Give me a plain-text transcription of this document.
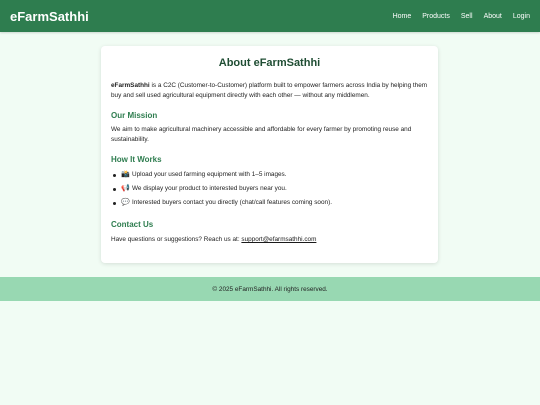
eFarmSathhi	Home Products Sell About Login
About eFarmSathhi

eFarmSathhi is a C2C (Customer-to-Customer) platform built to empower farmers across India by helping them buy and sell used agricultural equipment directly with each other — without any middlemen.

Our Mission

We aim to make agricultural machinery accessible and affordable for every farmer by promoting reuse and sustainability.

How It Works
📸 Upload your used farming equipment with 1–5 images.
📢 We display your product to interested buyers near you.
💬 Interested buyers contact you directly (chat/call features coming soon).
Contact Us

Have questions or suggestions? Reach us at: support@efarmsathhi.com

© 2025 eFarmSathhi. All rights reserved.
